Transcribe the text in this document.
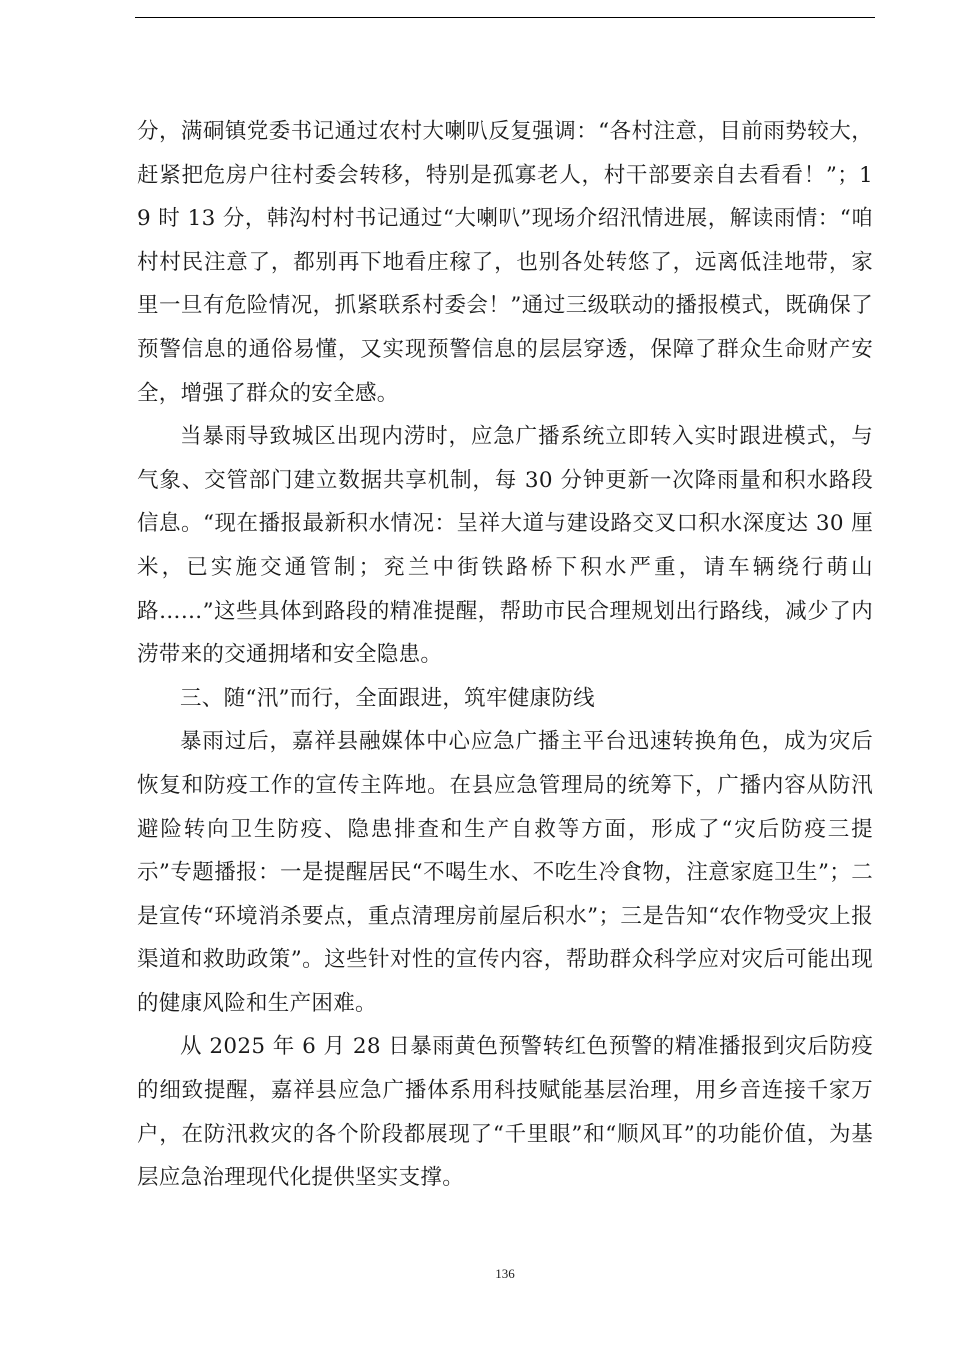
分，满硐镇党委书记通过农村大喇叭反复强调：“各村注意，目前雨势较大，赶紧把危房户往村委会转移，特别是孤寡老人，村干部要亲自去看看！”；19 时 13 分，韩沟村村书记通过“大喇叭”现场介绍汛情进展，解读雨情：“咱村村民注意了，都别再下地看庄稼了，也别各处转悠了，远离低洼地带，家里一旦有危险情况，抓紧联系村委会！”通过三级联动的播报模式，既确保了预警信息的通俗易懂，又实现预警信息的层层穿透，保障了群众生命财产安全，增强了群众的安全感。

当暴雨导致城区出现内涝时，应急广播系统立即转入实时跟进模式，与气象、交管部门建立数据共享机制，每 30 分钟更新一次降雨量和积水路段信息。“现在播报最新积水情况：呈祥大道与建设路交叉口积水深度达 30 厘米，已实施交通管制；兖兰中街铁路桥下积水严重，请车辆绕行萌山路……”这些具体到路段的精准提醒，帮助市民合理规划出行路线，减少了内涝带来的交通拥堵和安全隐患。

三、随“汛”而行，全面跟进，筑牢健康防线

暴雨过后，嘉祥县融媒体中心应急广播主平台迅速转换角色，成为灾后恢复和防疫工作的宣传主阵地。在县应急管理局的统筹下，广播内容从防汛避险转向卫生防疫、隐患排查和生产自救等方面，形成了“灾后防疫三提示”专题播报：一是提醒居民“不喝生水、不吃生冷食物，注意家庭卫生”；二是宣传“环境消杀要点，重点清理房前屋后积水”；三是告知“农作物受灾上报渠道和救助政策”。这些针对性的宣传内容，帮助群众科学应对灾后可能出现的健康风险和生产困难。

从 2025 年 6 月 28 日暴雨黄色预警转红色预警的精准播报到灾后防疫的细致提醒，嘉祥县应急广播体系用科技赋能基层治理，用乡音连接千家万户，在防汛救灾的各个阶段都展现了“千里眼”和“顺风耳”的功能价值，为基层应急治理现代化提供坚实支撑。

136
